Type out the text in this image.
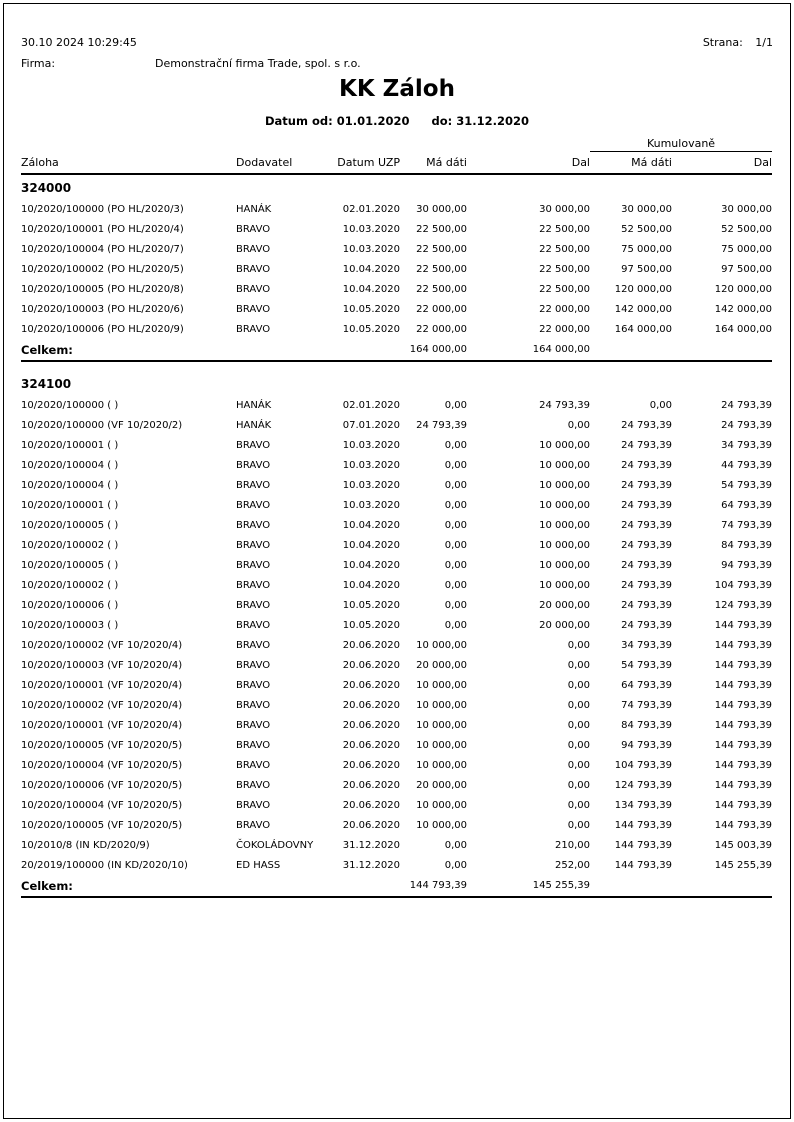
30.10 2024 10:29:45	Strana: 1/1
Firma:	Demonstrační firma Trade, spol. s r.o.
KK Záloh
Datum od: 01.01.2020 do: 31.12.2020
					Kumulovaně	
Záloha	Dodavatel	Datum UZP	Má dáti	Dal	Má dáti	Dal
324000						
10/2020/100000 (PO HL/2020/3)	HANÁK	02.01.2020	30 000,00	30 000,00	30 000,00	30 000,00
10/2020/100001 (PO HL/2020/4)	BRAVO	10.03.2020	22 500,00	22 500,00	52 500,00	52 500,00
10/2020/100004 (PO HL/2020/7)	BRAVO	10.03.2020	22 500,00	22 500,00	75 000,00	75 000,00
10/2020/100002 (PO HL/2020/5)	BRAVO	10.04.2020	22 500,00	22 500,00	97 500,00	97 500,00
10/2020/100005 (PO HL/2020/8)	BRAVO	10.04.2020	22 500,00	22 500,00	120 000,00	120 000,00
10/2020/100003 (PO HL/2020/6)	BRAVO	10.05.2020	22 000,00	22 000,00	142 000,00	142 000,00
10/2020/100006 (PO HL/2020/9)	BRAVO	10.05.2020	22 000,00	22 000,00	164 000,00	164 000,00
Celkem:			164 000,00	164 000,00		

324100						
10/2020/100000 ( )	HANÁK	02.01.2020	0,00	24 793,39	0,00	24 793,39
10/2020/100000 (VF 10/2020/2)	HANÁK	07.01.2020	24 793,39	0,00	24 793,39	24 793,39
10/2020/100001 ( )	BRAVO	10.03.2020	0,00	10 000,00	24 793,39	34 793,39
10/2020/100004 ( )	BRAVO	10.03.2020	0,00	10 000,00	24 793,39	44 793,39
10/2020/100004 ( )	BRAVO	10.03.2020	0,00	10 000,00	24 793,39	54 793,39
10/2020/100001 ( )	BRAVO	10.03.2020	0,00	10 000,00	24 793,39	64 793,39
10/2020/100005 ( )	BRAVO	10.04.2020	0,00	10 000,00	24 793,39	74 793,39
10/2020/100002 ( )	BRAVO	10.04.2020	0,00	10 000,00	24 793,39	84 793,39
10/2020/100005 ( )	BRAVO	10.04.2020	0,00	10 000,00	24 793,39	94 793,39
10/2020/100002 ( )	BRAVO	10.04.2020	0,00	10 000,00	24 793,39	104 793,39
10/2020/100006 ( )	BRAVO	10.05.2020	0,00	20 000,00	24 793,39	124 793,39
10/2020/100003 ( )	BRAVO	10.05.2020	0,00	20 000,00	24 793,39	144 793,39
10/2020/100002 (VF 10/2020/4)	BRAVO	20.06.2020	10 000,00	0,00	34 793,39	144 793,39
10/2020/100003 (VF 10/2020/4)	BRAVO	20.06.2020	20 000,00	0,00	54 793,39	144 793,39
10/2020/100001 (VF 10/2020/4)	BRAVO	20.06.2020	10 000,00	0,00	64 793,39	144 793,39
10/2020/100002 (VF 10/2020/4)	BRAVO	20.06.2020	10 000,00	0,00	74 793,39	144 793,39
10/2020/100001 (VF 10/2020/4)	BRAVO	20.06.2020	10 000,00	0,00	84 793,39	144 793,39
10/2020/100005 (VF 10/2020/5)	BRAVO	20.06.2020	10 000,00	0,00	94 793,39	144 793,39
10/2020/100004 (VF 10/2020/5)	BRAVO	20.06.2020	10 000,00	0,00	104 793,39	144 793,39
10/2020/100006 (VF 10/2020/5)	BRAVO	20.06.2020	20 000,00	0,00	124 793,39	144 793,39
10/2020/100004 (VF 10/2020/5)	BRAVO	20.06.2020	10 000,00	0,00	134 793,39	144 793,39
10/2020/100005 (VF 10/2020/5)	BRAVO	20.06.2020	10 000,00	0,00	144 793,39	144 793,39
10/2010/8 (IN KD/2020/9)	ČOKOLÁDOVNY	31.12.2020	0,00	210,00	144 793,39	145 003,39
20/2019/100000 (IN KD/2020/10)	ED HASS	31.12.2020	0,00	252,00	144 793,39	145 255,39
Celkem:			144 793,39	145 255,39		
